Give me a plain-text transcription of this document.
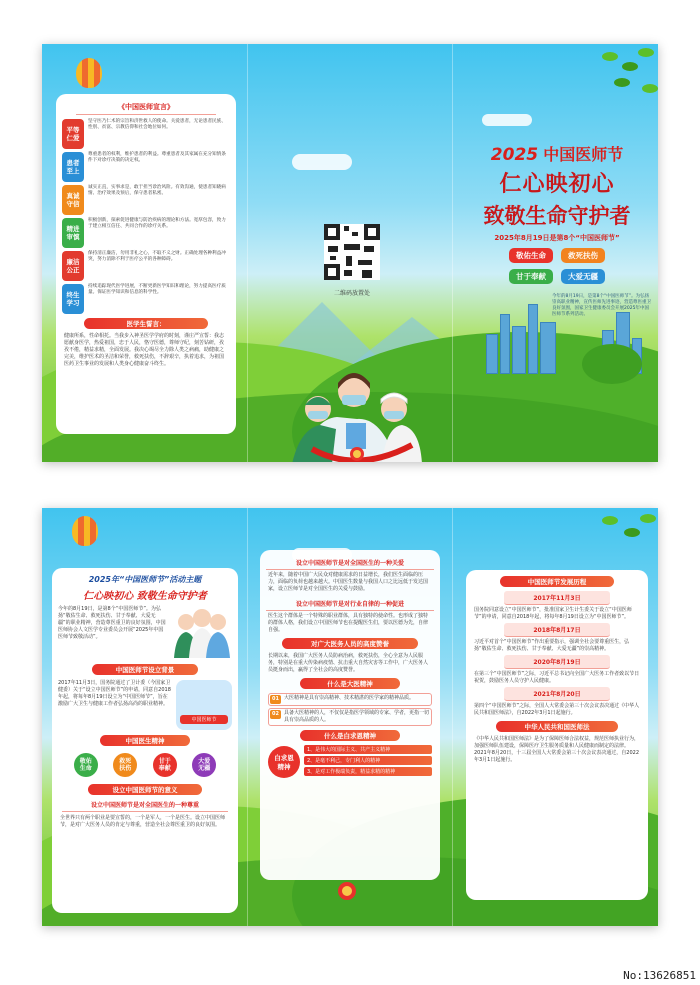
《中国医师宣言》
平等
仁爱
坚守医乃仁术的宗旨和济世救人的使命。关爱患者，无论患者民族、性别、贫富、宗教信仰和社会地位如何。
患者
至上
尊重患者的权利，维护患者的利益。尊重患者及其家属在充分知情条件下对诊疗决策的决定权。
真诚
守信
诚实正直，实事求是，敢于担当诊治风险。有效沟通，使患者知晓病情、治疗效果及预后，保守患者私密。
精进
审慎
积极创新，探索促进健康与防治疾病的理论和方法。宽厚包容，致力于建立相互信任、共同合作的诊疗关系。
廉洁
公正
保持清正廉洁，勿用非礼之心，不取不义之财。正确处理各种利益冲突，努力消除不利于医疗公平的各种障碍。
终生
学习
持续追踪现代医学进展，不断更新医学知识和理论，努力提高医疗质量。保证医学知识和信息的科学性。
医学生誓言：
健康所系，性命相托。当我步入神圣医学学府的时刻，谨庄严宣誓：我志愿献身医学，热爱祖国，忠于人民，恪守医德，尊师守纪，刻苦钻研，孜孜不倦，精益求精，全面发展。我决心竭尽全力除人类之病痛，助健康之完美，维护医术的圣洁和荣誉，救死扶伤，不辞艰辛，执着追求，为祖国医药卫生事业的发展和人类身心健康奋斗终生。
二维码放置处
2025 中国医师节
仁心映初心
致敬生命守护者
2025年8月19日是第8个“中国医师节”
敬佑生命	救死扶伤
甘于奉献	大爱无疆
今年的8月19日，是第8个“中国医师节”。为弘扬崇高职业精神，宣传医师先进事迹，营造尊医重卫良好氛围，国家卫生健康委员会开展2025年中国医师节系列活动。
2025年“中国医师节”活动主题
仁心映初心 致敬生命守护者
今年的8月19日，是第8个“中国医师节”。为弘扬“敬佑生命、救死扶伤、甘于奉献、大爱无疆”的职业精神，营造尊医重卫的良好氛围，中国医师协会人文医学专业委员会开展“2025年中国医师节致敬活动”。
中国医师节设立背景
2017年11月3日，国务院通过了卫计委（今国家卫健委）关于“设立中国医师节”的申请，同意自2018年起，将每年8月19日设立为“中国医师节”，旨在激励广大卫生与健康工作者弘扬高尚的职业精神。
中国医师节
中国医生精神
敬佑
生命
救死
扶伤
甘于
奉献
大爱
无疆
设立中国医师节的意义
设立中国医师节是对全国医生的一种尊重
全世界只有两个职业是要宣誓的，一个是军人，一个是医生。设立中国医师节，是对广大医务人员的肯定与尊重，营造全社会尊医重卫的良好氛围。
设立中国医师节是对全国医生的一种关爱
近年来，随着中国广大民众对健康需求的日益增长，我们医生面临的压力，面临的负荷也越来越大。中国医生数量与我国人口之比远低于发达国家，设立医师节是对全国医生的关爱与鼓励。
设立中国医师节是对行业自律的一种促进
医生这个群体是一个特殊的职业群体，具有独特的使命性。也形成了独特的群体人格，我们设立中国医师节也在提醒医生们，要以医德为先，自律自强。
对广大医务人员的高度赞誉
长期以来，我国广大医务人员防病治病，救死扶伤，全心全意为人民服务，特别是在重大传染病疫情、抗击重大自然灾害等工作中，广大医务人员挺身而出，赢得了全社会的高度赞誉。
什么是大医精神
01	大医精神是具有崇高精神、技术精湛的医学家的精神品质。
02	具备大医精神的人，不仅仅是指医学领域的专家、学者，更指一切具有崇高品质的人。
什么是白求恩精神
白求恩
精神
1、是伟大的国际主义、共产主义精神
2、是毫不利己，专门利人的精神
3、是对工作极端负责，精益求精的精神
中国医师节发展历程
2017年11月3日
国务院同意设立“中国医师节”，批准国家卫生计生委关于设立“中国医师节”的申请，同意自2018年起，将每年8月19日设立为“中国医师节”。
2018年8月17日
习近平对首个“中国医师节”作出重要指示，强调全社会要尊重医生，弘扬“敬佑生命、救死扶伤、甘于奉献、大爱无疆”的崇高精神。
2020年8月19日
在第三个“中国医师节”之际，习近平总书记向全国广大医务工作者致以节日祝贺，鼓励医务人员守护人民健康。
2021年8月20日
第四个“中国医师节”之际，全国人大常委会第三十次会议表决通过《中华人民共和国医师法》，自2022年3月1日起施行。
中华人民共和国医师法
《中华人民共和国医师法》是为了保障医师合法权益，规范医师执业行为，加强医师队伍建设，保障医疗卫生服务质量和人民健康而制定的法律。2021年8月20日，十三届全国人大常委会第三十次会议表决通过，自2022年3月1日起施行。
No:13626851
